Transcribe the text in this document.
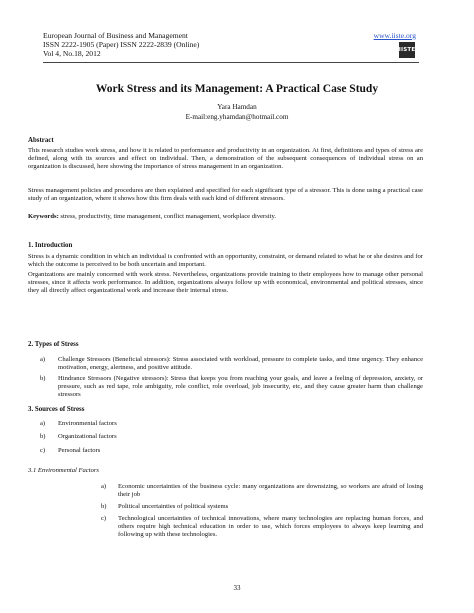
European Journal of Business and Management
ISSN 2222-1905 (Paper) ISSN 2222-2839 (Online)
Vol 4, No.18, 2012
www.iiste.org
IISTE
Work Stress and its Management: A Practical Case Study
Yara Hamdan
E-mail:eng.yhamdan@hotmail.com
Abstract
This research studies work stress, and how it is related to performance and productivity in an organization. At first, definitions and types of stress are defined, along with its sources and effect on individual. Then, a demonstration of the subsequent consequences of individual stress on an organization is discussed, here showing the importance of stress management in an organization.
Stress management policies and procedures are then explained and specified for each significant type of a stressor. This is done using a practical case study of an organization, where it shows how this firm deals with each kind of different stressors.
Keywords: stress, productivity, time management, conflict management, workplace diversity.
1. Introduction
Stress is a dynamic condition in which an individual is confronted with an opportunity, constraint, or demand related to what he or she desires and for which the outcome is perceived to be both uncertain and important.
Organizations are mainly concerned with work stress. Nevertheless, organizations provide training to their employees how to manage other personal stresses, since it affects work performance. In addition, organizations always follow up with economical, environmental and political stresses, since they all directly affect organizational work and increase their internal stress.
2. Types of Stress
a) Challenge Stressors (Beneficial stressors): Stress associated with workload, pressure to complete tasks, and time urgency. They enhance motivation, energy, alertness, and positive attitude.
b) Hindrance Stressors (Negative stressors): Stress that keeps you from reaching your goals, and leave a feeling of depression, anxiety, or pressure, such as red tape, role ambiguity, role conflict, role overload, job insecurity, etc, and they cause greater harm than challenge stressors
3. Sources of Stress
a) Environmental factors
b) Organizational factors
c) Personal factors
3.1 Environmental Factors
a) Economic uncertainties of the business cycle: many organizations are downsizing, so workers are afraid of losing their job
b) Political uncertainties of political systems
c) Technological uncertainties of technical innovations, where many technologies are replacing human forces, and others require high technical education in order to use, which forces employees to always keep learning and following up with these technologies.
33
